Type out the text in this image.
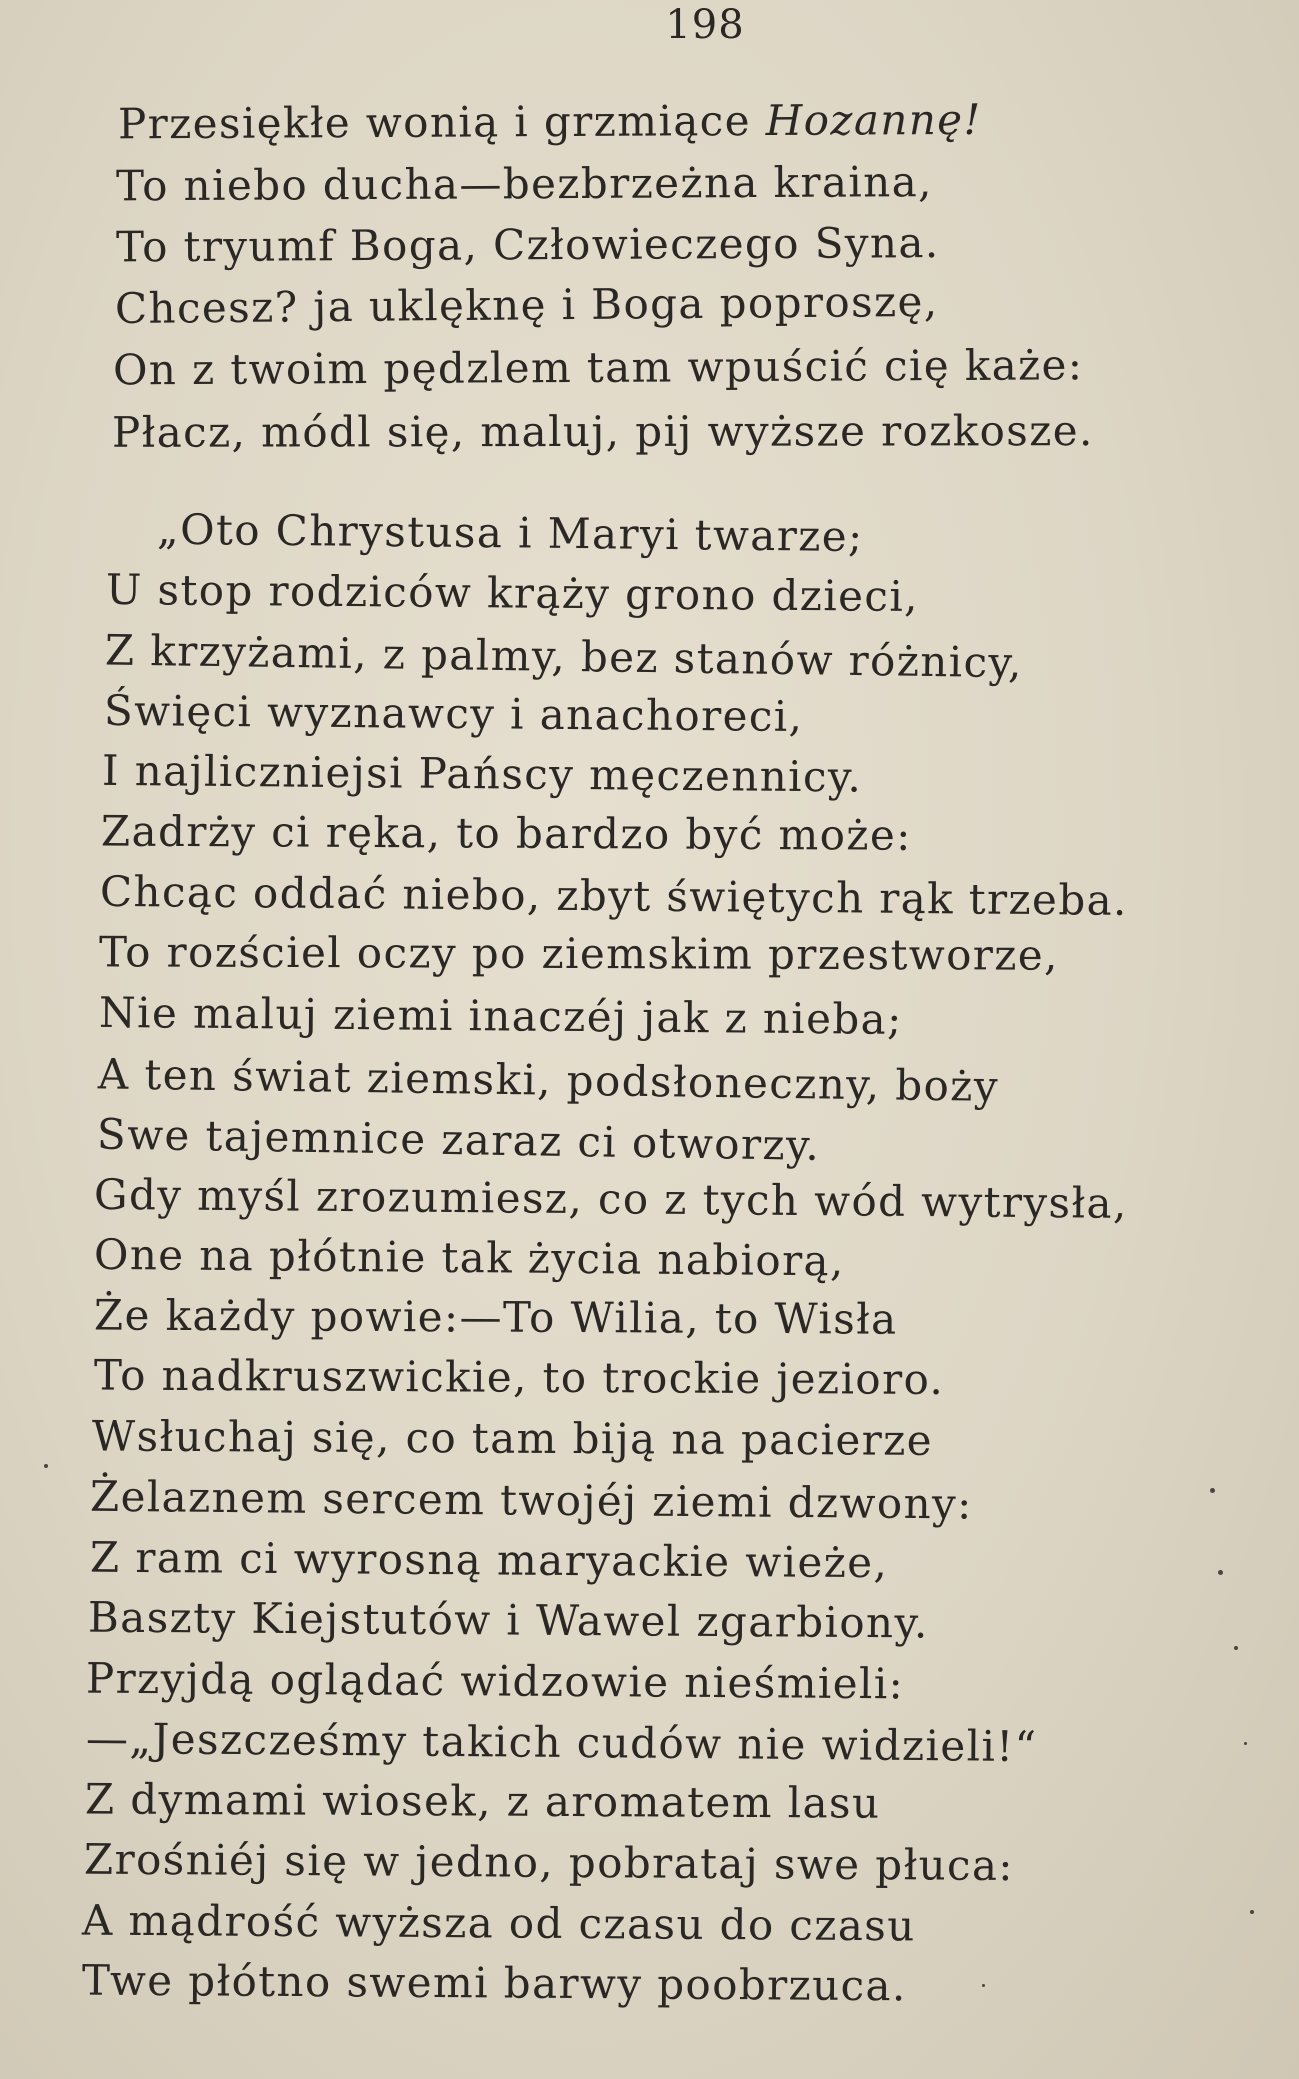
198
Przesiękłe wonią i grzmiące Hozannę!
To niebo ducha—bezbrzeżna kraina,
To tryumf Boga, Człowieczego Syna.
Chcesz? ja uklęknę i Boga poproszę,
On z twoim pędzlem tam wpuścić cię każe:
Płacz, módl się, maluj, pij wyższe rozkosze.
„Oto Chrystusa i Maryi twarze;
U stop rodziców krąży grono dzieci,
Z krzyżami, z palmy, bez stanów różnicy,
Święci wyznawcy i anachoreci,
I najliczniejsi Pańscy męczennicy.
Zadrży ci ręka, to bardzo być może:
Chcąc oddać niebo, zbyt świętych rąk trzeba.
To rozściel oczy po ziemskim przestworze,
Nie maluj ziemi inaczéj jak z nieba;
A ten świat ziemski, podsłoneczny, boży
Swe tajemnice zaraz ci otworzy.
Gdy myśl zrozumiesz, co z tych wód wytrysła,
One na płótnie tak życia nabiorą,
Że każdy powie:—To Wilia, to Wisła
To nadkruszwickie, to trockie jezioro.
Wsłuchaj się, co tam biją na pacierze
Żelaznem sercem twojéj ziemi dzwony:
Z ram ci wyrosną maryackie wieże,
Baszty Kiejstutów i Wawel zgarbiony.
Przyjdą oglądać widzowie nieśmieli:
—„Jeszcześmy takich cudów nie widzieli!“
Z dymami wiosek, z aromatem lasu
Zrośniéj się w jedno, pobrataj swe płuca:
A mądrość wyższa od czasu do czasu
Twe płótno swemi barwy poobrzuca.
